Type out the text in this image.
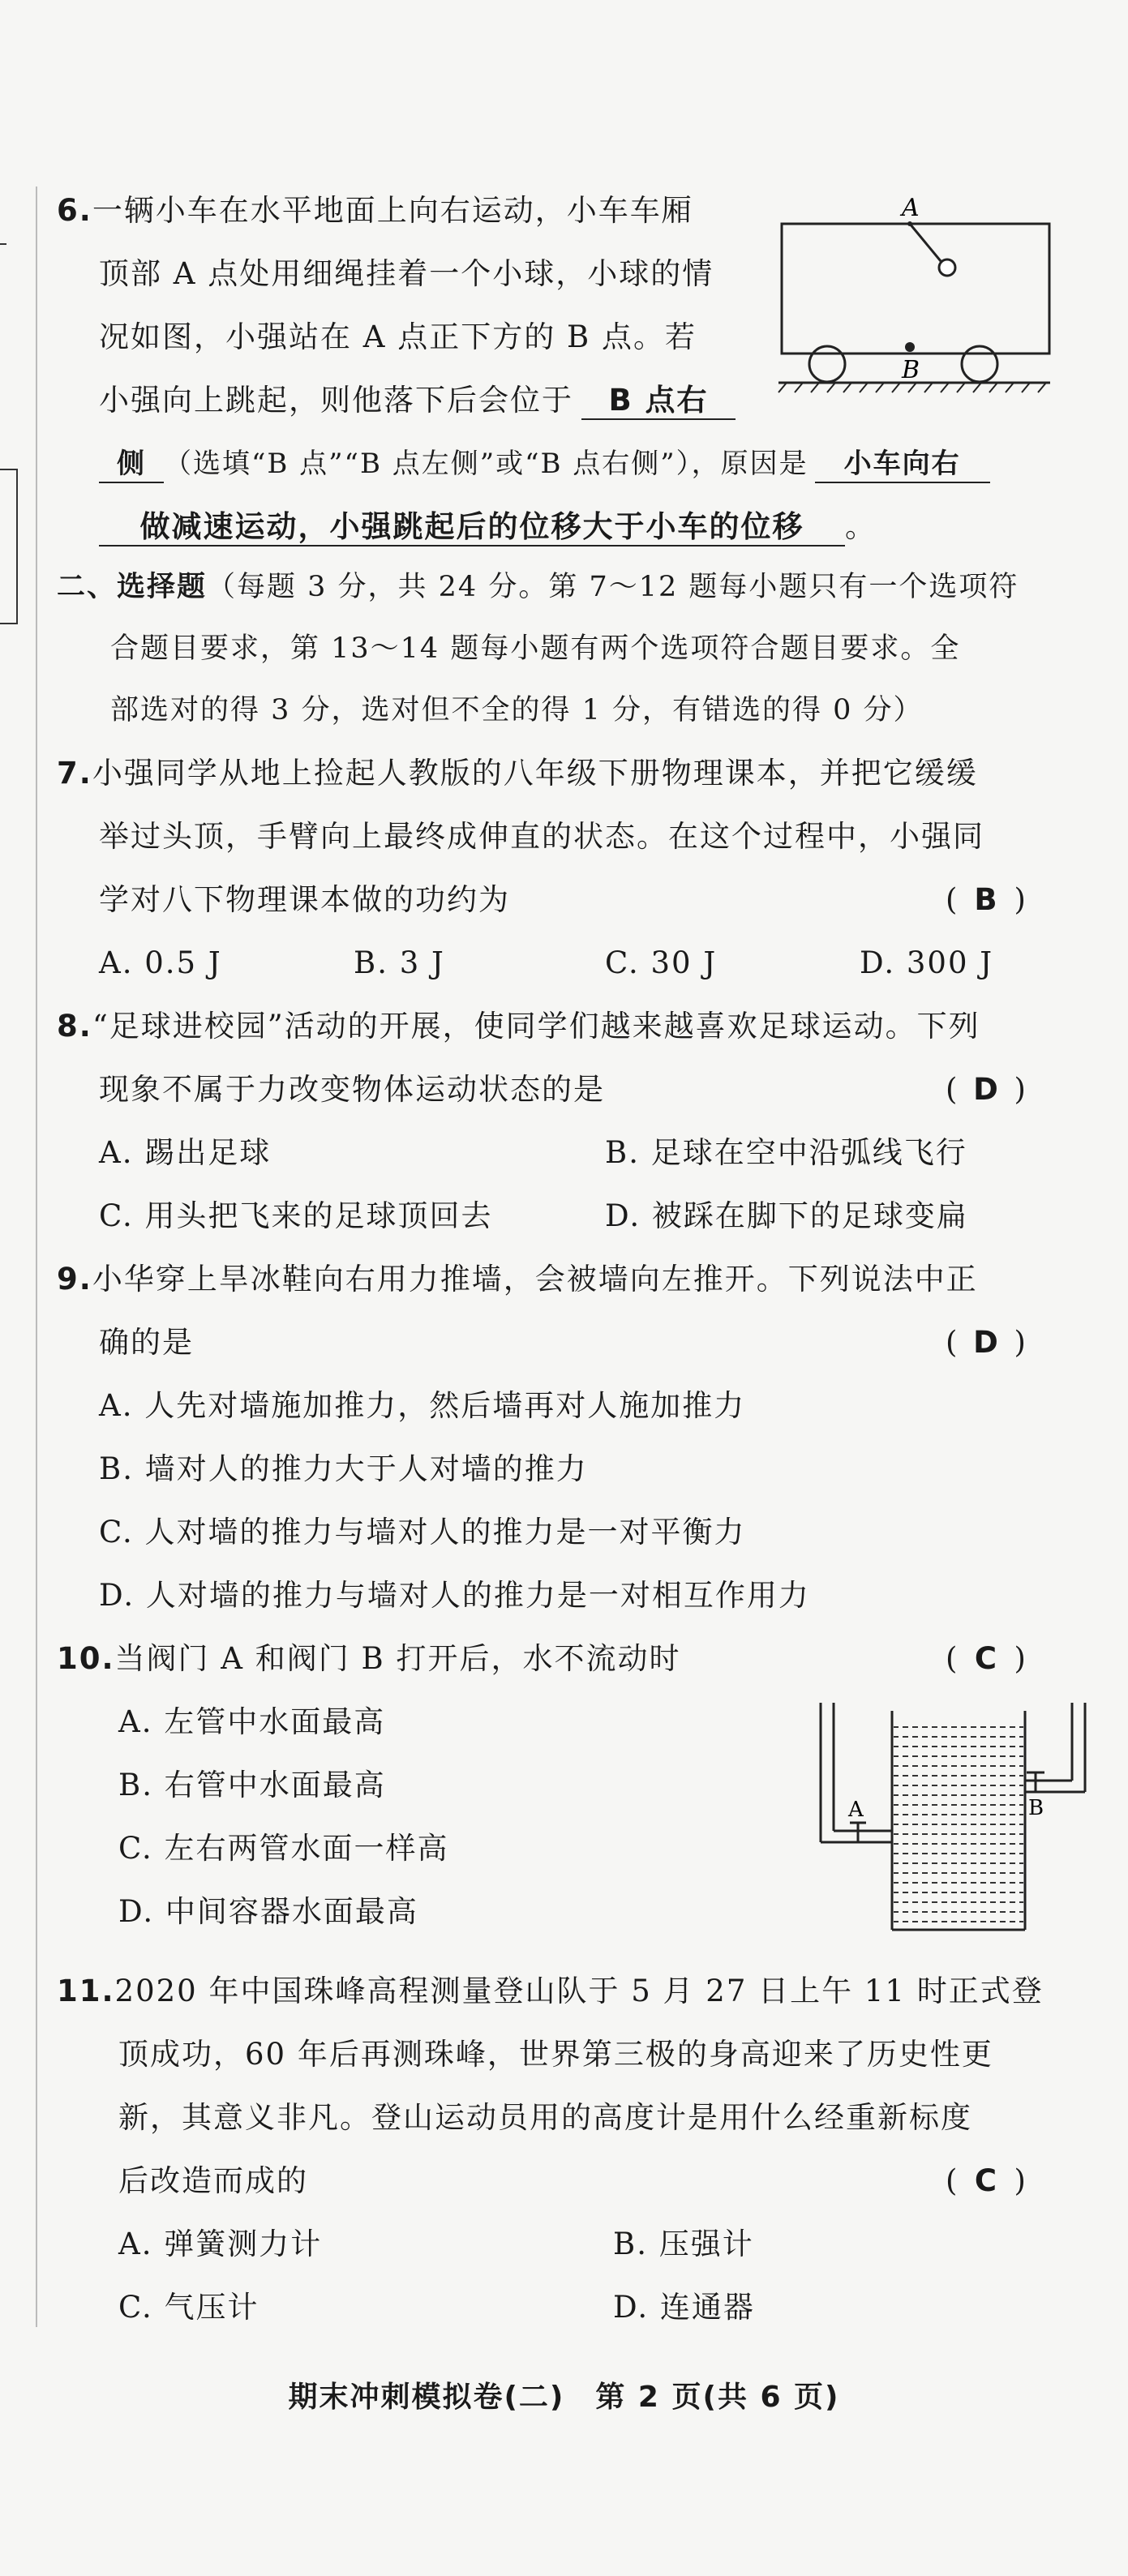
6.一辆小车在水平地面上向右运动，小车车厢
顶部 A 点处用细绳挂着一个小球，小球的情
况如图，小强站在 A 点正下方的 B 点。若
小强向上跳起，则他落下后会位于 B 点右
侧 （选填“B 点”“B 点左侧”或“B 点右侧”），原因是 小车向右
做减速运动，小强跳起后的位移大于小车的位移 。
A
B
二、选择题（每题 3 分，共 24 分。第 7～12 题每小题只有一个选项符
合题目要求，第 13～14 题每小题有两个选项符合题目要求。全
部选对的得 3 分，选对但不全的得 1 分，有错选的得 0 分）
7.小强同学从地上捡起人教版的八年级下册物理课本，并把它缓缓
举过头顶，手臂向上最终成伸直的状态。在这个过程中，小强同
学对八下物理课本做的功约为	( B )
A. 0.5 J	B. 3 J	C. 30 J	D. 300 J
8.“足球进校园”活动的开展，使同学们越来越喜欢足球运动。下列
现象不属于力改变物体运动状态的是	( D )
A. 踢出足球	B. 足球在空中沿弧线飞行
C. 用头把飞来的足球顶回去	D. 被踩在脚下的足球变扁
9.小华穿上旱冰鞋向右用力推墙，会被墙向左推开。下列说法中正
确的是	( D )
A. 人先对墙施加推力，然后墙再对人施加推力
B. 墙对人的推力大于人对墙的推力
C. 人对墙的推力与墙对人的推力是一对平衡力
D. 人对墙的推力与墙对人的推力是一对相互作用力
10.当阀门 A 和阀门 B 打开后，水不流动时	( C )
A. 左管中水面最高
B. 右管中水面最高
C. 左右两管水面一样高
D. 中间容器水面最高
A	B
11.2020 年中国珠峰高程测量登山队于 5 月 27 日上午 11 时正式登
顶成功，60 年后再测珠峰，世界第三极的身高迎来了历史性更
新，其意义非凡。登山运动员用的高度计是用什么经重新标度
后改造而成的	( C )
A. 弹簧测力计	B. 压强计
C. 气压计	D. 连通器
期末冲刺模拟卷(二)　第 2 页(共 6 页)
